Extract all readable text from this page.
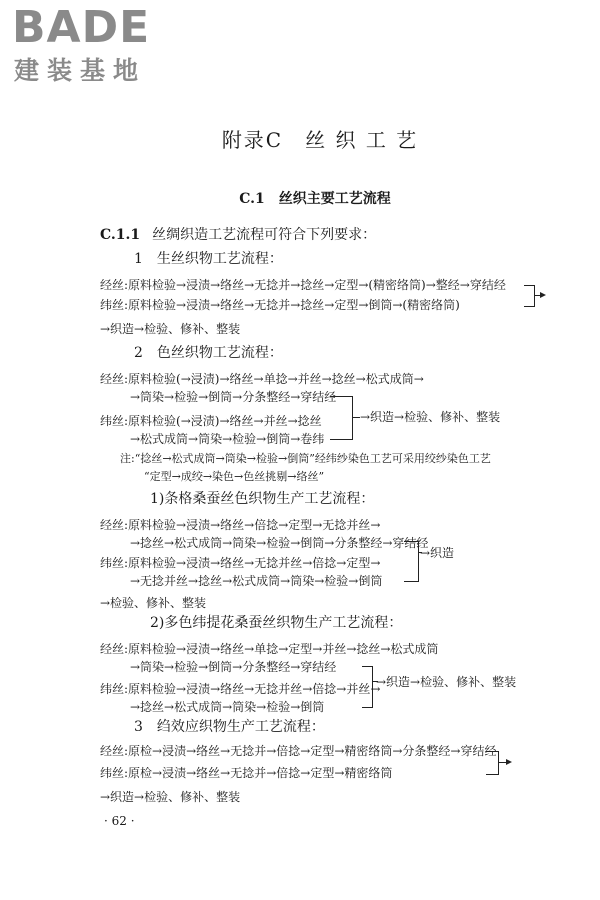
BADE
建装基地
附录C　丝 织 工 艺
C.1　丝织主要工艺流程
C.1.1 丝绸织造工艺流程可符合下列要求：
1　生丝织物工艺流程：
经丝:原料检验→浸渍→络丝→无捻并→捻丝→定型→(精密络筒)→整经→穿结经
纬丝:原料检验→浸渍→络丝→无捻并→捻丝→定型→倒筒→(精密络筒)
→织造→检验、修补、整装
2　色丝织物工艺流程：
经丝:原料检验(→浸渍)→络丝→单捻→并丝→捻丝→松式成筒→
→筒染→检验→倒筒→分条整经→穿结经
纬丝:原料检验(→浸渍)→络丝→并丝→捻丝
→松式成筒→筒染→检验→倒筒→卷纬
→织造→检验、修补、整装
注:“捻丝→松式成筒→筒染→检验→倒筒”经纬纱染色工艺可采用绞纱染色工艺
“定型→成绞→染色→色丝挑剔→络丝”
1)条格桑蚕丝色织物生产工艺流程：
经丝:原料检验→浸渍→络丝→倍捻→定型→无捻并丝→
→捻丝→松式成筒→筒染→检验→倒筒→分条整经→穿结经
纬丝:原料检验→浸渍→络丝→无捻并丝→倍捻→定型→
→无捻并丝→捻丝→松式成筒→筒染→检验→倒筒
→织造
→检验、修补、整装
2)多色纬提花桑蚕丝织物生产工艺流程：
经丝:原料检验→浸渍→络丝→单捻→定型→并丝→捻丝→松式成筒
→筒染→检验→倒筒→分条整经→穿结经
纬丝:原料检验→浸渍→络丝→无捻并丝→倍捻→并丝→
→捻丝→松式成筒→筒染→检验→倒筒
→织造→检验、修补、整装
3　绉效应织物生产工艺流程：
经丝:原检→浸渍→络丝→无捻并→倍捻→定型→精密络筒→分条整经→穿结经
纬丝:原检→浸渍→络丝→无捻并→倍捻→定型→精密络筒
→织造→检验、修补、整装
· 62 ·
